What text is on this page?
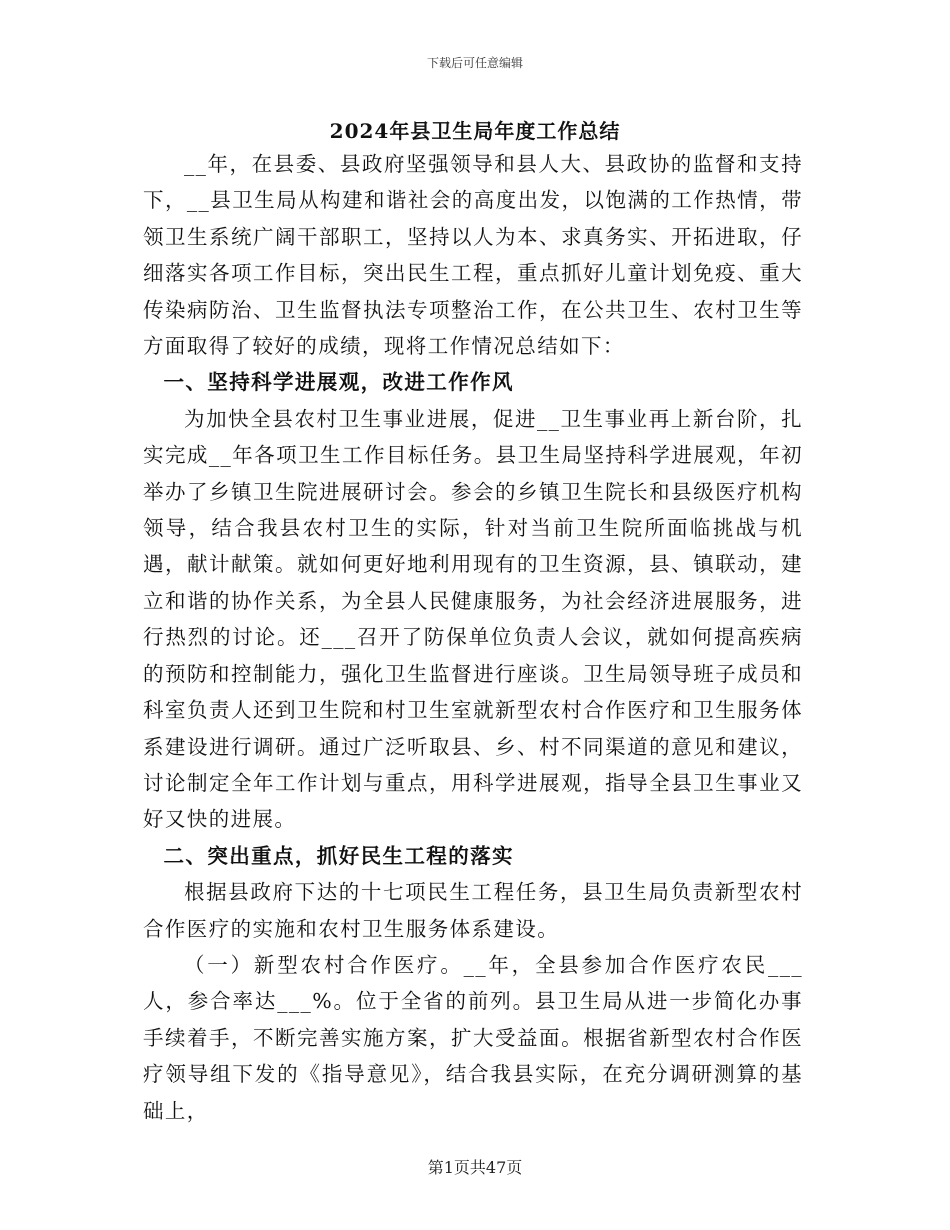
下载后可任意编辑
2024年县卫生局年度工作总结

__年，在县委、县政府坚强领导和县人大、县政协的监督和支持下，__县卫生局从构建和谐社会的高度出发，以饱满的工作热情，带领卫生系统广阔干部职工，坚持以人为本、求真务实、开拓进取，仔细落实各项工作目标，突出民生工程，重点抓好儿童计划免疫、重大传染病防治、卫生监督执法专项整治工作，在公共卫生、农村卫生等方面取得了较好的成绩，现将工作情况总结如下：

一、坚持科学进展观，改进工作作风

为加快全县农村卫生事业进展，促进__卫生事业再上新台阶，扎实完成__年各项卫生工作目标任务。县卫生局坚持科学进展观，年初举办了乡镇卫生院进展研讨会。参会的乡镇卫生院长和县级医疗机构领导，结合我县农村卫生的实际，针对当前卫生院所面临挑战与机遇，献计献策。就如何更好地利用现有的卫生资源，县、镇联动，建立和谐的协作关系，为全县人民健康服务，为社会经济进展服务，进行热烈的讨论。还___召开了防保单位负责人会议，就如何提高疾病的预防和控制能力，强化卫生监督进行座谈。卫生局领导班子成员和科室负责人还到卫生院和村卫生室就新型农村合作医疗和卫生服务体系建设进行调研。通过广泛听取县、乡、村不同渠道的意见和建议，讨论制定全年工作计划与重点，用科学进展观，指导全县卫生事业又好又快的进展。

二、突出重点，抓好民生工程的落实

根据县政府下达的十七项民生工程任务，县卫生局负责新型农村合作医疗的实施和农村卫生服务体系建设。

（一）新型农村合作医疗。__年，全县参加合作医疗农民___人，参合率达___%。位于全省的前列。县卫生局从进一步简化办事手续着手，不断完善实施方案，扩大受益面。根据省新型农村合作医疗领导组下发的《指导意见》，结合我县实际，在充分调研测算的基础上，

第1页共47页
